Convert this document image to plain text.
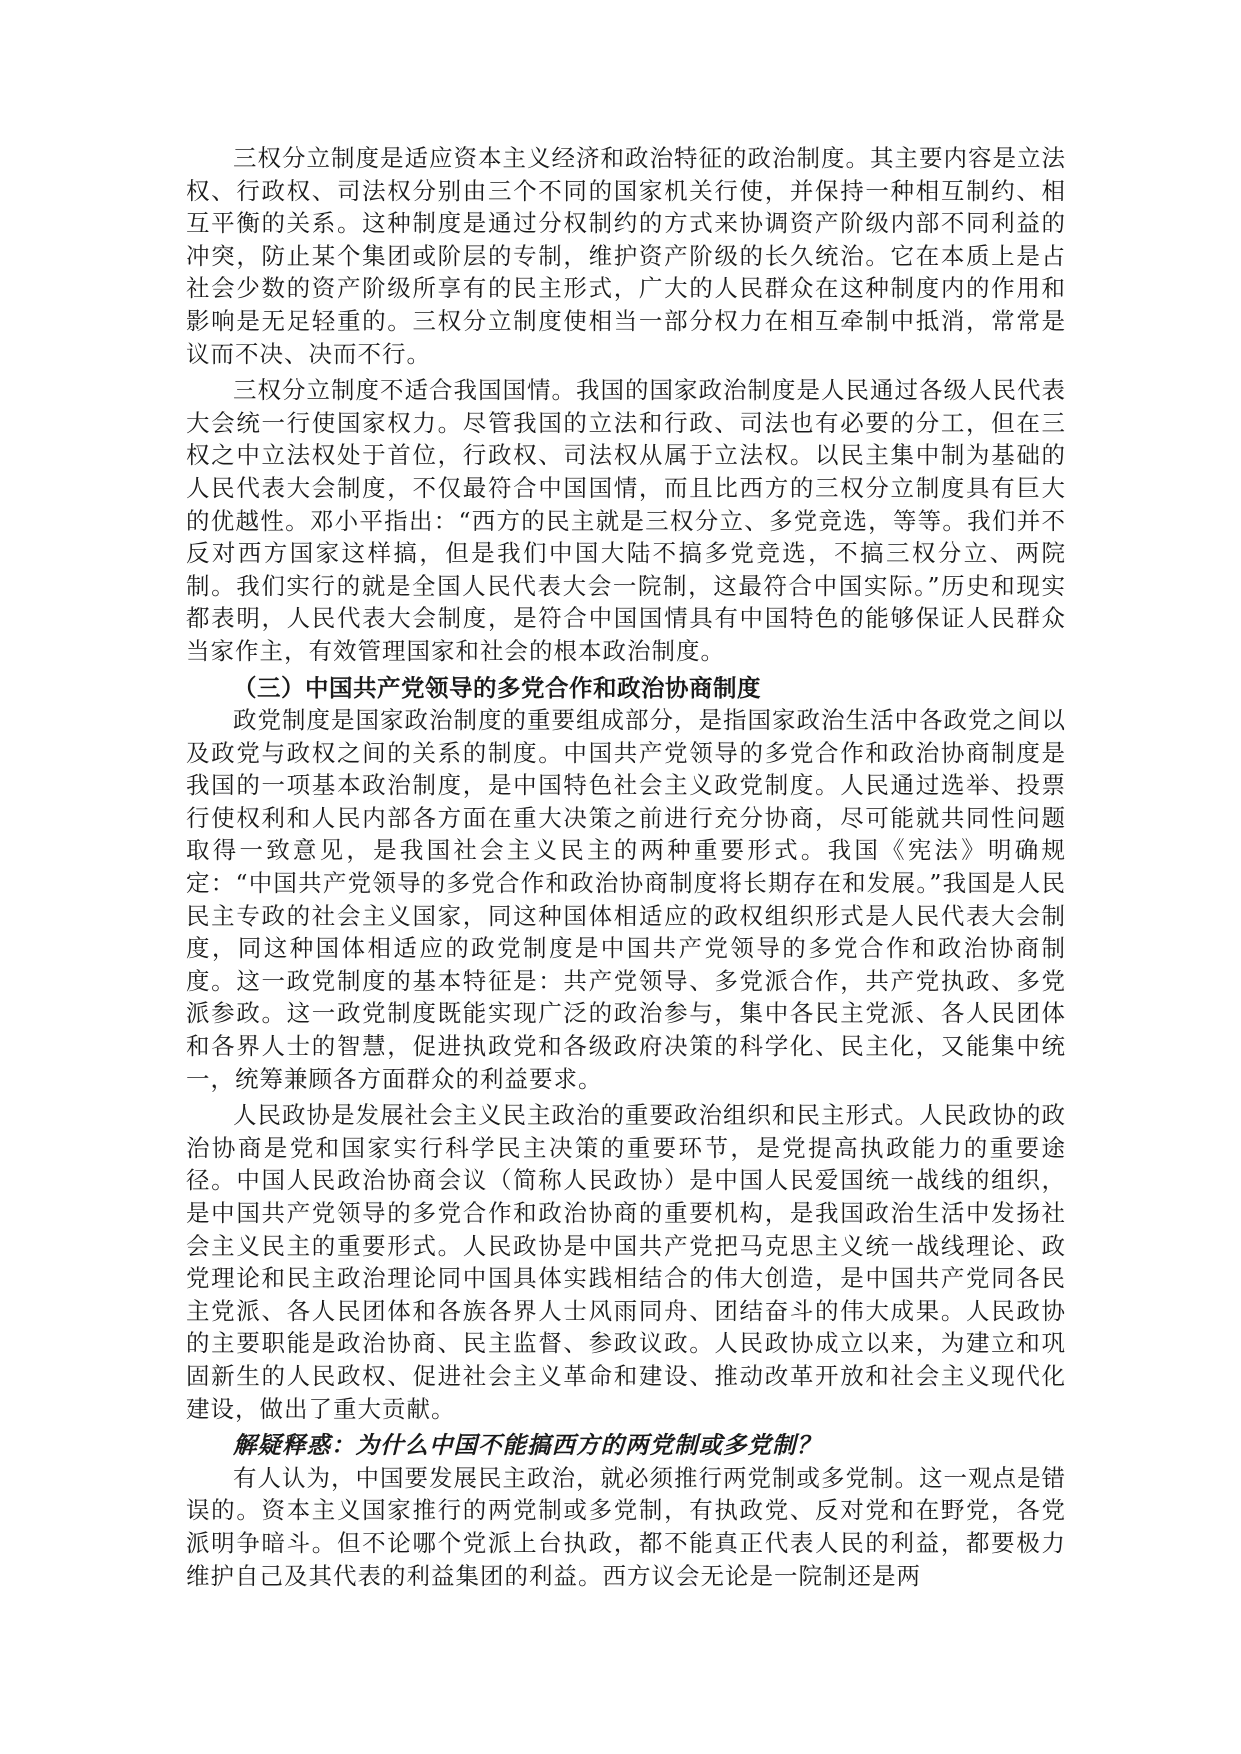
三权分立制度是适应资本主义经济和政治特征的政治制度。其主要内容是立法权、行政权、司法权分别由三个不同的国家机关行使，并保持一种相互制约、相互平衡的关系。这种制度是通过分权制约的方式来协调资产阶级内部不同利益的冲突，防止某个集团或阶层的专制，维护资产阶级的长久统治。它在本质上是占社会少数的资产阶级所享有的民主形式，广大的人民群众在这种制度内的作用和影响是无足轻重的。三权分立制度使相当一部分权力在相互牵制中抵消，常常是议而不决、决而不行。

三权分立制度不适合我国国情。我国的国家政治制度是人民通过各级人民代表大会统一行使国家权力。尽管我国的立法和行政、司法也有必要的分工，但在三权之中立法权处于首位，行政权、司法权从属于立法权。以民主集中制为基础的人民代表大会制度，不仅最符合中国国情，而且比西方的三权分立制度具有巨大的优越性。邓小平指出：“西方的民主就是三权分立、多党竞选，等等。我们并不反对西方国家这样搞，但是我们中国大陆不搞多党竞选，不搞三权分立、两院制。我们实行的就是全国人民代表大会一院制，这最符合中国实际。”历史和现实都表明，人民代表大会制度，是符合中国国情具有中国特色的能够保证人民群众当家作主，有效管理国家和社会的根本政治制度。

（三）中国共产党领导的多党合作和政治协商制度

政党制度是国家政治制度的重要组成部分，是指国家政治生活中各政党之间以及政党与政权之间的关系的制度。中国共产党领导的多党合作和政治协商制度是我国的一项基本政治制度，是中国特色社会主义政党制度。人民通过选举、投票行使权利和人民内部各方面在重大决策之前进行充分协商，尽可能就共同性问题取得一致意见，是我国社会主义民主的两种重要形式。我国《宪法》明确规定：“中国共产党领导的多党合作和政治协商制度将长期存在和发展。”我国是人民民主专政的社会主义国家，同这种国体相适应的政权组织形式是人民代表大会制度，同这种国体相适应的政党制度是中国共产党领导的多党合作和政治协商制度。这一政党制度的基本特征是：共产党领导、多党派合作，共产党执政、多党派参政。这一政党制度既能实现广泛的政治参与，集中各民主党派、各人民团体和各界人士的智慧，促进执政党和各级政府决策的科学化、民主化，又能集中统一，统筹兼顾各方面群众的利益要求。

人民政协是发展社会主义民主政治的重要政治组织和民主形式。人民政协的政治协商是党和国家实行科学民主决策的重要环节，是党提高执政能力的重要途径。中国人民政治协商会议（简称人民政协）是中国人民爱国统一战线的组织，是中国共产党领导的多党合作和政治协商的重要机构，是我国政治生活中发扬社会主义民主的重要形式。人民政协是中国共产党把马克思主义统一战线理论、政党理论和民主政治理论同中国具体实践相结合的伟大创造，是中国共产党同各民主党派、各人民团体和各族各界人士风雨同舟、团结奋斗的伟大成果。人民政协的主要职能是政治协商、民主监督、参政议政。人民政协成立以来，为建立和巩固新生的人民政权、促进社会主义革命和建设、推动改革开放和社会主义现代化建设，做出了重大贡献。

解疑释惑：为什么中国不能搞西方的两党制或多党制？

有人认为，中国要发展民主政治，就必须推行两党制或多党制。这一观点是错误的。资本主义国家推行的两党制或多党制，有执政党、反对党和在野党，各党派明争暗斗。但不论哪个党派上台执政，都不能真正代表人民的利益，都要极力维护自己及其代表的利益集团的利益。西方议会无论是一院制还是两
